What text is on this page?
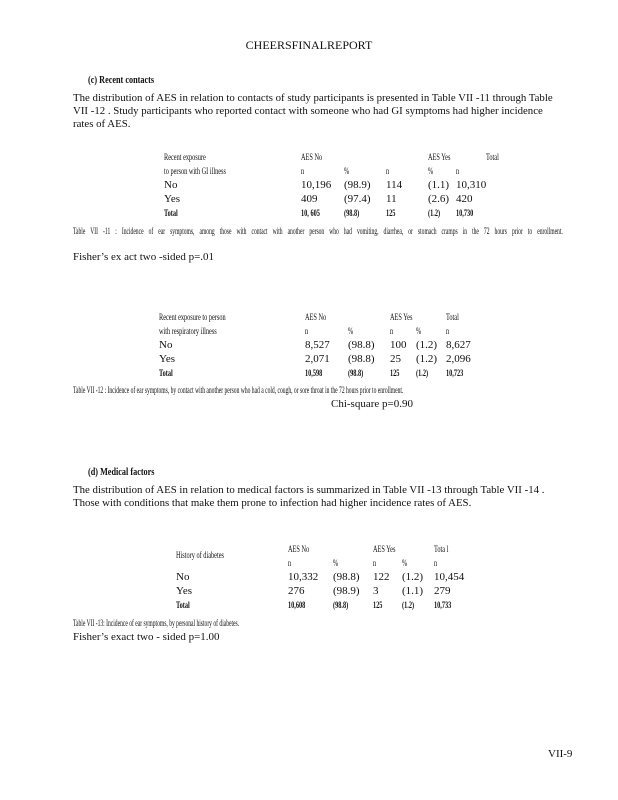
CHEERSFINALREPORT
(c) Recent contacts
The distribution of AES in relation to contacts of study participants is presented in Table VII -11 through Table VII -12 . Study participants who reported contact with someone who had GI symptoms had higher incidence rates of AES.
Recent exposure	AES No			AES Yes		Total
to person with GI illness	n	%	n	%	n	
No	10,196	(98.9)	114	(1.1)	10,310	
Yes	409	(97.4)	11	(2.6)	420	
Total	10, 605	(98.8)	125	(1.2)	10,730	
Table VII -11 : Incidence of ear symptoms, among those with contact with another person who had vomiting, diarrhea, or stomach cramps in the 72 hours prior to enrollment.
Fisher’s ex act two -sided p=.01
Recent exposure to person	AES No		AES Yes		Total
with respiratory illness	n	%	n	%	n
No	8,527	(98.8)	100	(1.2)	8,627
Yes	2,071	(98.8)	25	(1.2)	2,096
Total	10,598	(98.8)	125	(1.2)	10,723
Table VII -12 : Incidence of ear symptoms, by contact with another person who had a cold, cough, or sore throat in the 72 hours prior to enrollment.
Chi-square p=0.90
(d) Medical factors
The distribution of AES in relation to medical factors is summarized in Table VII -13 through Table VII -14 . Those with conditions that make them prone to infection had higher incidence rates of AES.
History of diabetes	AES No		AES Yes		Tota l
	n	%	n	%	n
No	10,332	(98.8)	122	(1.2)	10,454
Yes	276	(98.9)	3	(1.1)	279
Total	10,608	(98.8)	125	(1.2)	10,733
Table VII -13: Incidence of ear symptoms, by personal history of diabetes.
Fisher’s exact two - sided p=1.00
VII-9
